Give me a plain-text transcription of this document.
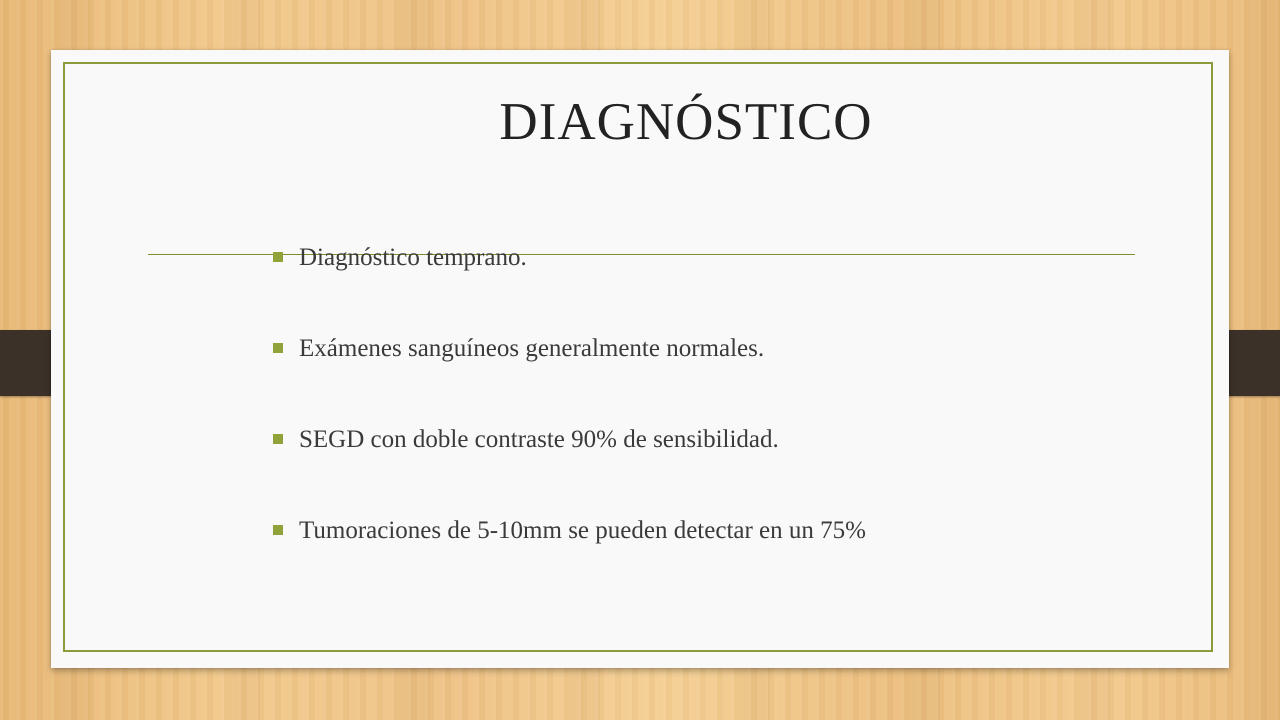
DIAGNÓSTICO
Diagnóstico temprano.
Exámenes sanguíneos generalmente normales.
SEGD con doble contraste 90% de sensibilidad.
Tumoraciones de 5-10mm se pueden detectar en un 75%
